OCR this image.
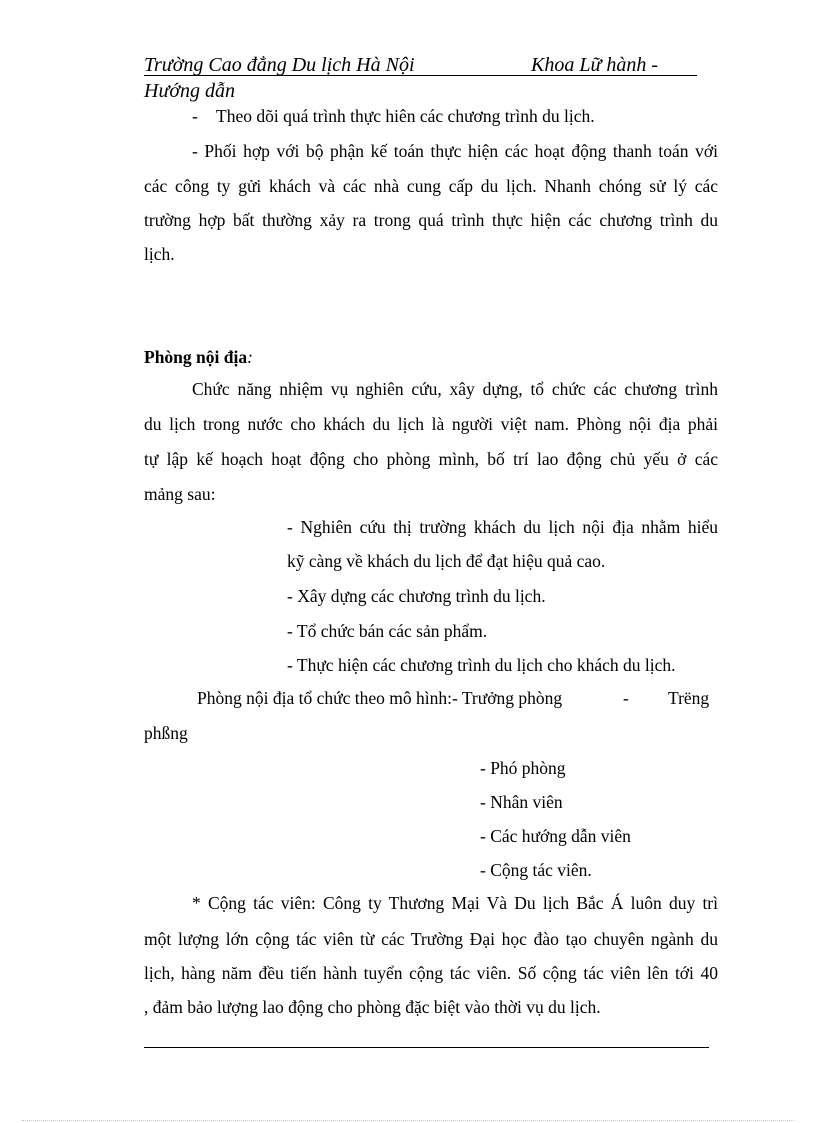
Trường Cao đẳng Du lịch Hà Nội	Khoa Lữ hành -
Hướng dẫn
- Theo dõi quá trình thực hiên các chương trình du lịch.
- Phối hợp với bộ phận kế toán thực hiện các hoạt động thanh toán với
các công ty gửi khách và các nhà cung cấp du lịch. Nhanh chóng sử lý các
trường hợp bất thường xảy ra trong quá trình thực hiện các chương trình du
lịch.
Phòng nội địa:
Chức năng nhiệm vụ nghiên cứu, xây dựng, tổ chức các chương trình
du lịch trong nước cho khách du lịch là người việt nam. Phòng nội địa phải
tự lập kế hoạch hoạt động cho phòng mình, bố trí lao động chủ yếu ở các
mảng sau:
- Nghiên cứu thị trường khách du lịch nội địa nhằm hiểu
kỹ càng về khách du lịch để đạt hiệu quả cao.
- Xây dựng các chương trình du lịch.
- Tổ chức bán các sản phẩm.
- Thực hiện các chương trình du lịch cho khách du lịch.
Phòng nội địa tổ chức theo mô hình:- Trưởng phòng	- Trëng
phßng
- Phó phòng
- Nhân viên
- Các hướng dẫn viên
- Cộng tác viên.
* Cộng tác viên: Công ty Thương Mại Và Du lịch Bắc Á luôn duy trì
một lượng lớn cộng tác viên từ các Trường Đại học đào tạo chuyên ngành du
lịch, hàng năm đều tiến hành tuyển cộng tác viên. Số cộng tác viên lên tới 40
, đảm bảo lượng lao động cho phòng đặc biệt vào thời vụ du lịch.
